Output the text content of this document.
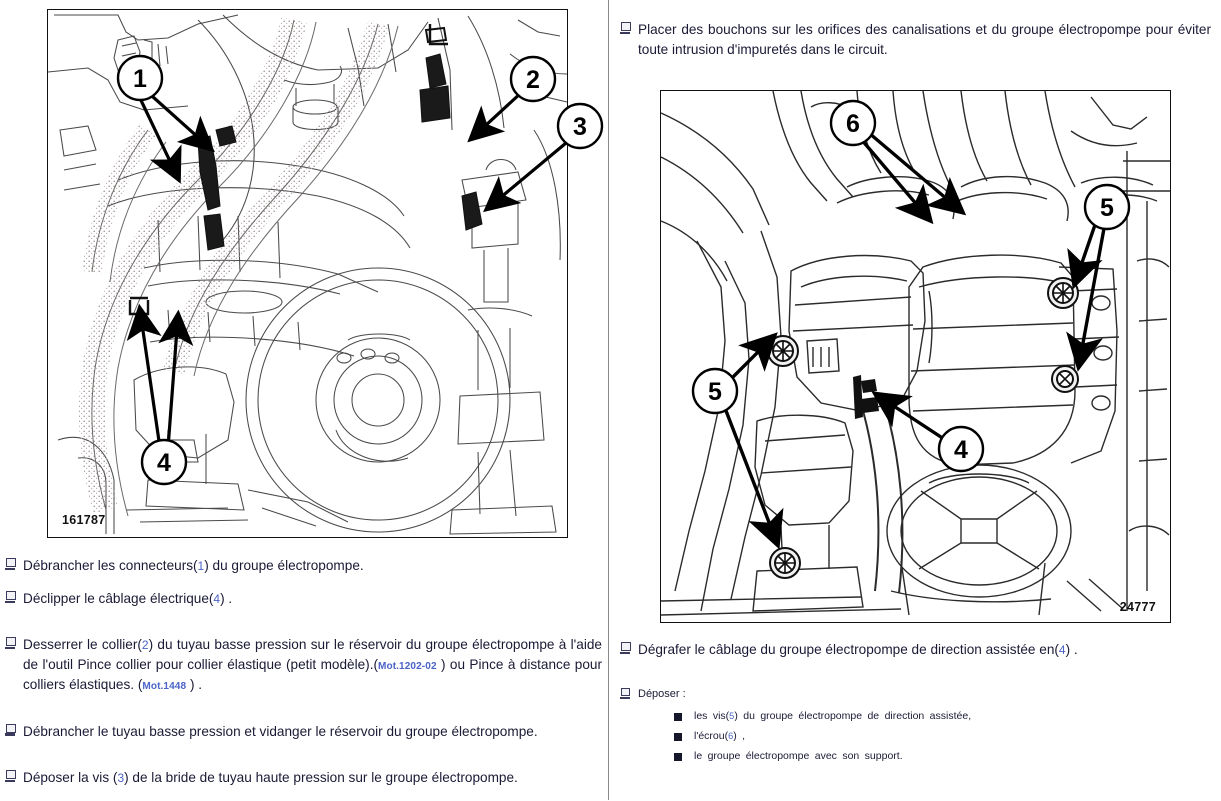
1	2
3
4
161787
Débrancher les connecteurs(1) du groupe électropompe.
Déclipper le câblage électrique(4) .
Desserrer le collier(2) du tuyau basse pression sur le réservoir du groupe électropompe à l'aide de l'outil Pince collier pour collier élastique (petit modèle).(Mot.1202-02 ) ou Pince à distance pour colliers élastiques. (Mot.1448 ) .
Débrancher le tuyau basse pression et vidanger le réservoir du groupe électropompe.
Déposer la vis (3) de la bride de tuyau haute pression sur le groupe électropompe.
Placer des bouchons sur les orifices des canalisations et du groupe électropompe pour éviter toute intrusion d'impuretés dans le circuit.
6
5
5
4
24777
Dégrafer le câblage du groupe électropompe de direction assistée en(4) .
Déposer :
les vis(5) du groupe électropompe de direction assistée,
l'écrou(6) ,
le groupe électropompe avec son support.
